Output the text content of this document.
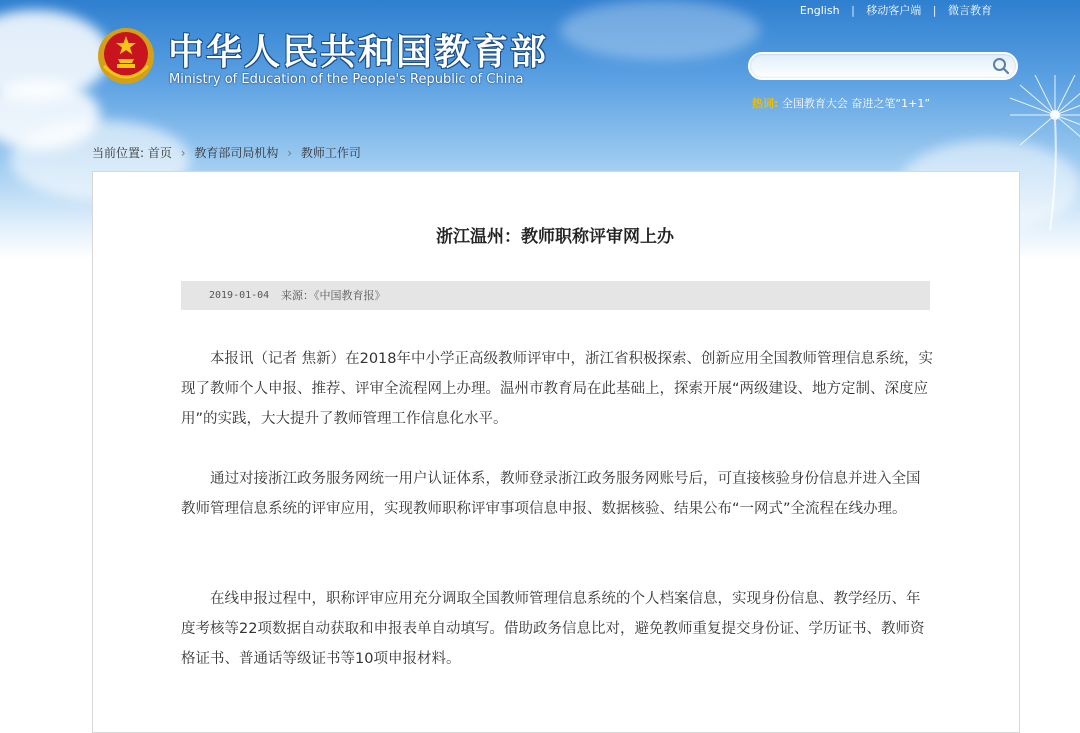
中华人民共和国教育部
Ministry of Education of the People's Republic of China
English | 移动客户端 | 微言教育
热词: 全国教育大会 奋进之笔“1+1”
当前位置: 首页 › 教育部司局机构 › 教师工作司
浙江温州：教师职称评审网上办
2019-01-04 来源：《中国教育报》

本报讯（记者 焦新）在2018年中小学正高级教师评审中，浙江省积极探索、创新应用全国教师管理信息系统，实现了教师个人申报、推荐、评审全流程网上办理。温州市教育局在此基础上，探索开展“两级建设、地方定制、深度应用”的实践，大大提升了教师管理工作信息化水平。

通过对接浙江政务服务网统一用户认证体系，教师登录浙江政务服务网账号后，可直接核验身份信息并进入全国教师管理信息系统的评审应用，实现教师职称评审事项信息申报、数据核验、结果公布“一网式”全流程在线办理。

在线申报过程中，职称评审应用充分调取全国教师管理信息系统的个人档案信息，实现身份信息、教学经历、年度考核等22项数据自动获取和申报表单自动填写。借助政务信息比对，避免教师重复提交身份证、学历证书、教师资格证书、普通话等级证书等10项申报材料。
